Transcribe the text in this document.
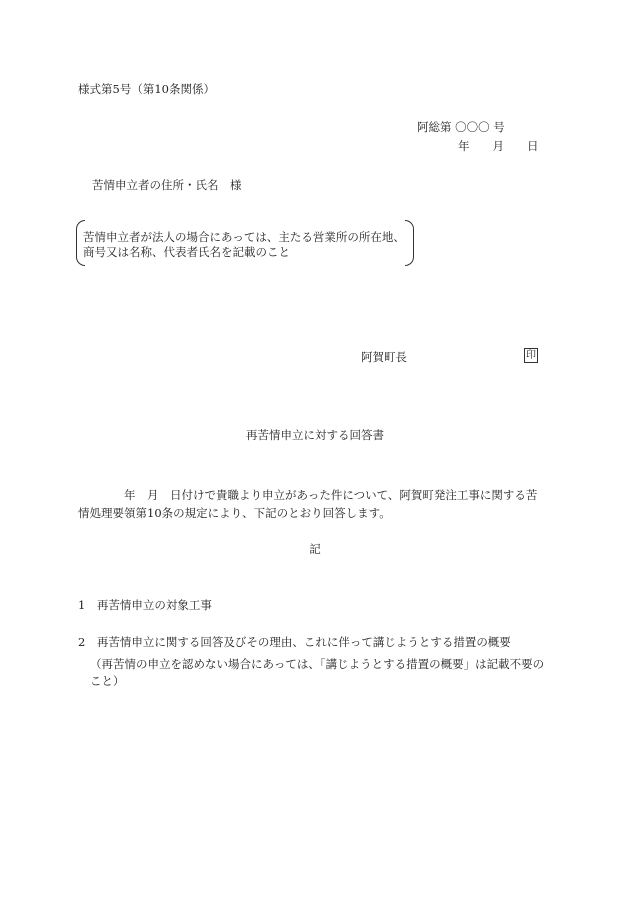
様式第5号（第10条関係）
阿総第 〇〇〇 号
年　　月　　日
苦情申立者の住所・氏名　様
苦情申立者が法人の場合にあっては、主たる営業所の所在地、
商号又は名称、代表者氏名を記載のこと
阿賀町長	印
再苦情申立に対する回答書
　　　　年　月　日付けで貴職より申立があった件について、阿賀町発注工事に関する苦
情処理要領第10条の規定により、下記のとおり回答します。
記
1　再苦情申立の対象工事
2　再苦情申立に関する回答及びその理由、これに伴って講じようとする措置の概要
（再苦情の申立を認めない場合にあっては、「講じようとする措置の概要」は記載不要の
こと）
